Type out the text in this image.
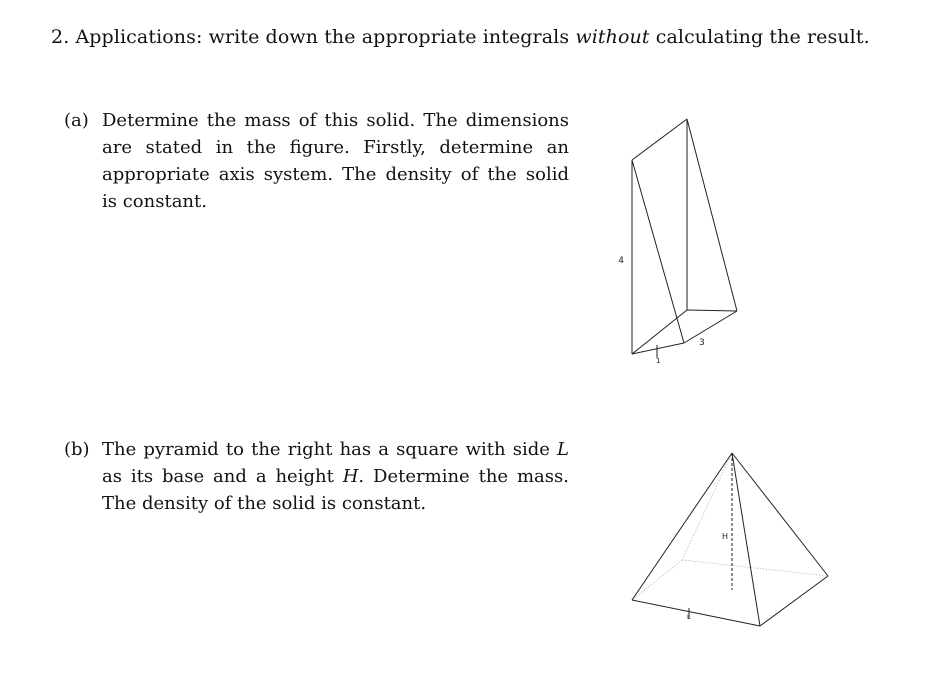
2. Applications: write down the appropriate integrals without calculating the result.
(a) Determine the mass of this solid. The dimensions
are stated in the figure. Firstly, determine an
appropriate axis system. The density of the solid
is constant.
(b) The pyramid to the right has a square with side L
as its base and a height H. Determine the mass.
The density of the solid is constant.
4
3
1
H
L
